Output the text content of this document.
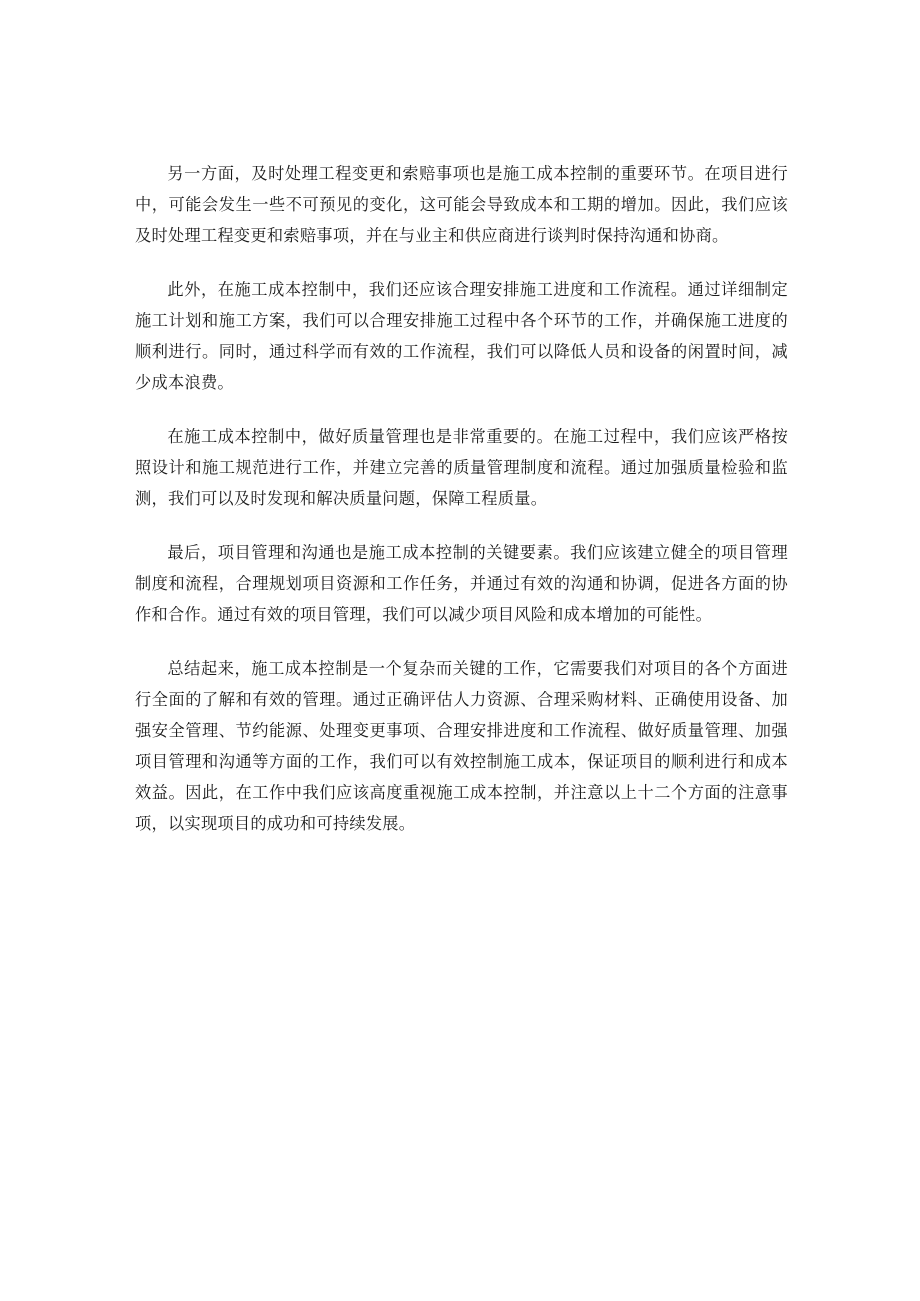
另一方面，及时处理工程变更和索赔事项也是施工成本控制的重要环节。在项目进行中，可能会发生一些不可预见的变化，这可能会导致成本和工期的增加。因此，我们应该及时处理工程变更和索赔事项，并在与业主和供应商进行谈判时保持沟通和协商。

此外，在施工成本控制中，我们还应该合理安排施工进度和工作流程。通过详细制定施工计划和施工方案，我们可以合理安排施工过程中各个环节的工作，并确保施工进度的顺利进行。同时，通过科学而有效的工作流程，我们可以降低人员和设备的闲置时间，减少成本浪费。

在施工成本控制中，做好质量管理也是非常重要的。在施工过程中，我们应该严格按照设计和施工规范进行工作，并建立完善的质量管理制度和流程。通过加强质量检验和监测，我们可以及时发现和解决质量问题，保障工程质量。

最后，项目管理和沟通也是施工成本控制的关键要素。我们应该建立健全的项目管理制度和流程，合理规划项目资源和工作任务，并通过有效的沟通和协调，促进各方面的协作和合作。通过有效的项目管理，我们可以减少项目风险和成本增加的可能性。

总结起来，施工成本控制是一个复杂而关键的工作，它需要我们对项目的各个方面进行全面的了解和有效的管理。通过正确评估人力资源、合理采购材料、正确使用设备、加强安全管理、节约能源、处理变更事项、合理安排进度和工作流程、做好质量管理、加强项目管理和沟通等方面的工作，我们可以有效控制施工成本，保证项目的顺利进行和成本效益。因此，在工作中我们应该高度重视施工成本控制，并注意以上十二个方面的注意事项，以实现项目的成功和可持续发展。
